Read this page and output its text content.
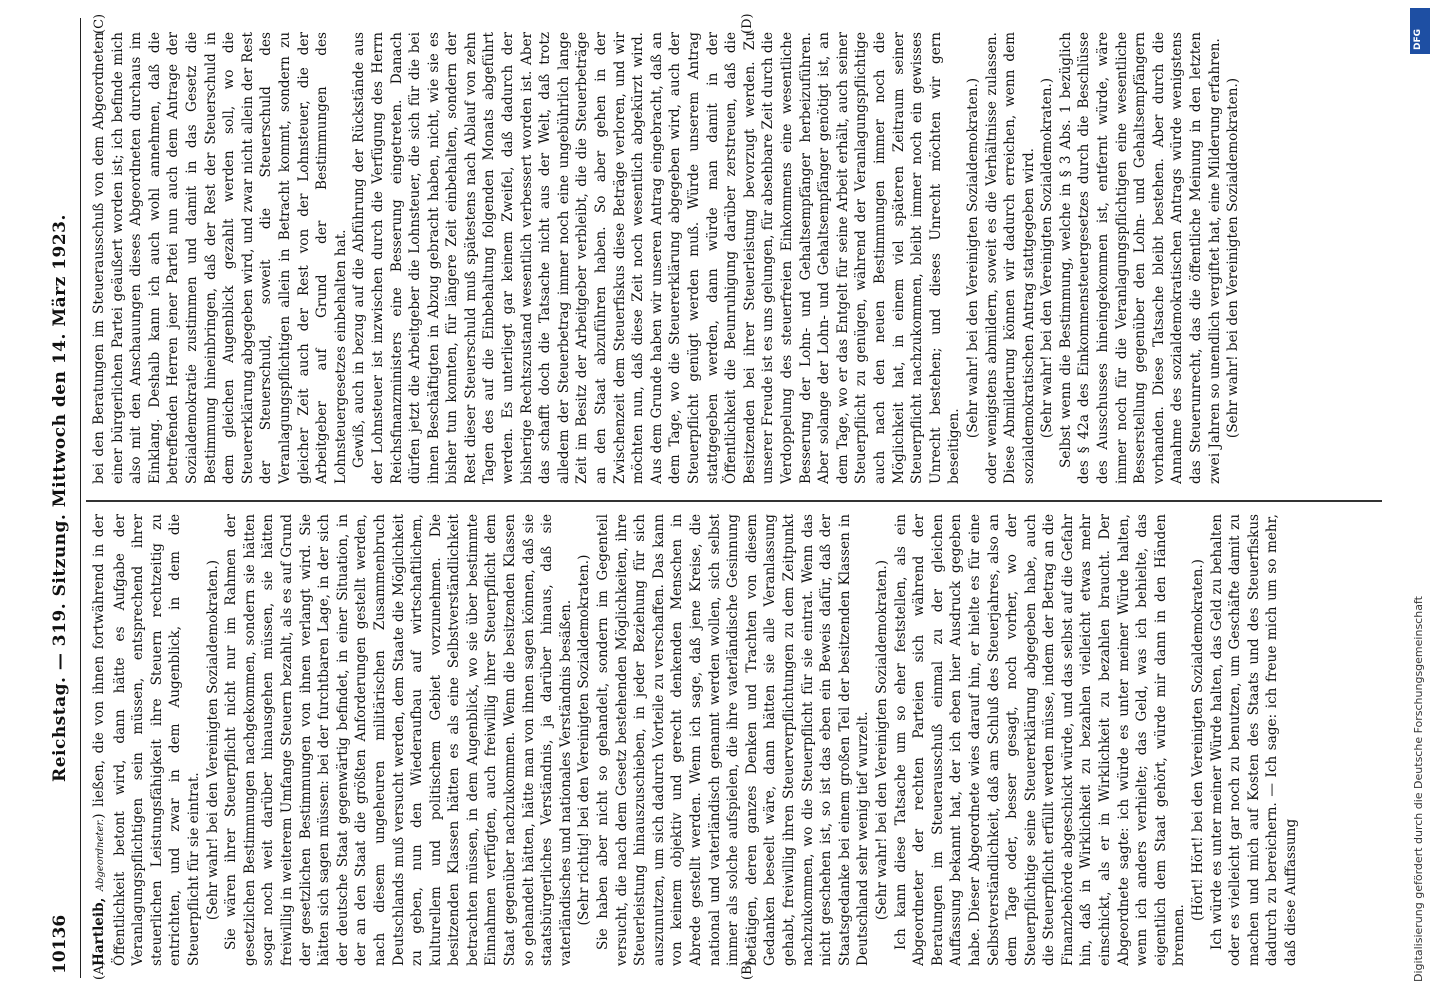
10136
Reichstag. — 319. Sitzung. Mittwoch den 14. März 1923.
(A)	(B)
(C)	(D)

Hartleib, Abgeordneter.) ließen, die von ihnen fortwährend in der Öffentlichkeit betont wird, dann hätte es Aufgabe der Veranlagungspflichtigen sein müssen, entsprechend ihrer steuerlichen Leistungsfähigkeit ihre Steuern rechtzeitig zu entrichten, und zwar in dem Augenblick, in dem die Steuerpflicht für sie eintrat. (Sehr wahr! bei den Vereinigten Sozialdemokraten.) Sie wären ihrer Steuerpflicht nicht nur im Rahmen der gesetzlichen Bestimmungen nachgekommen, sondern sie hätten sogar noch weit darüber hinausgehen müssen, sie hätten freiwillig in weiterem Umfange Steuern bezahlt, als es auf Grund der gesetzlichen Bestimmungen von ihnen verlangt wird. Sie hätten sich sagen müssen: bei der furchtbaren Lage, in der sich der deutsche Staat gegenwärtig befindet, in einer Situation, in der an den Staat die größten Anforderungen gestellt werden, nach diesem ungeheuren militärischen Zusammenbruch Deutschlands muß versucht werden, dem Staate die Möglichkeit zu geben, nun den Wiederaufbau auf wirtschaftlichem, kulturellem und politischem Gebiet vorzunehmen. Die besitzenden Klassen hätten es als eine Selbstverständlichkeit betrachten müssen, in dem Augenblick, wo sie über bestimmte Einnahmen verfügten, auch freiwillig ihrer Steuerpflicht dem Staat gegenüber nachzukommen. Wenn die besitzenden Klassen so gehandelt hätten, hätte man von ihnen sagen können, daß sie staatsbürgerliches Verständnis, ja darüber hinaus, daß sie vaterländisches und nationales Verständnis besäßen. (Sehr richtig! bei den Vereinigten Sozialdemokraten.) Sie haben aber nicht so gehandelt, sondern im Gegenteil versucht, die nach dem Gesetz bestehenden Möglichkeiten, ihre Steuerleistung hinauszuschieben, in jeder Beziehung für sich auszunutzen, um sich dadurch Vorteile zu verschaffen. Das kann von keinem objektiv und gerecht denkenden Menschen in Abrede gestellt werden. Wenn ich sage, daß jene Kreise, die national und vaterländisch genannt werden wollen, sich selbst immer als solche aufspielen, die ihre vaterländische Gesinnung betätigen, deren ganzes Denken und Trachten von diesem Gedanken beseelt wäre, dann hätten sie alle Veranlassung gehabt, freiwillig ihren Steuerverpflichtungen zu dem Zeitpunkt nachzukommen, wo die Steuerpflicht für sie eintrat. Wenn das nicht geschehen ist, so ist das eben ein Beweis dafür, daß der Staatsgedanke bei einem großen Teil der besitzenden Klassen in Deutschland sehr wenig tief wurzelt. (Sehr wahr! bei den Vereinigten Sozialdemokraten.) Ich kann diese Tatsache um so eher feststellen, als ein Abgeordneter der rechten Parteien sich während der Beratungen im Steuerausschuß einmal zu der gleichen Auffassung bekannt hat, der ich eben hier Ausdruck gegeben habe. Dieser Abgeordnete wies darauf hin, er hielte es für eine Selbstverständlichkeit, daß am Schluß des Steuerjahres, also an dem Tage oder, besser gesagt, noch vorher, wo der Steuerpflichtige seine Steuererklärung abgegeben habe, auch die Steuerpflicht erfüllt werden müsse, indem der Betrag an die Finanzbehörde abgeschickt würde, und das selbst auf die Gefahr hin, daß in Wirklichkeit zu bezahlen vielleicht etwas mehr einschickt, als er in Wirklichkeit zu bezahlen braucht. Der Abgeordnete sagte: ich würde es unter meiner Würde halten, wenn ich anders verhielte; das Geld, was ich behielte, das eigentlich dem Staat gehört, würde mir dann in den Händen brennen.

(Hört! Hört! bei den Vereinigten Sozialdemokraten.) Ich würde es unter meiner Würde halten, das Geld zu behalten oder es vielleicht gar noch zu benutzen, um Geschäfte damit zu machen und mich auf Kosten des Staats und des Steuerfiskus dadurch zu bereichern. — Ich sage: ich freue mich um so mehr, daß diese Auffassung

bei den Beratungen im Steuerausschuß von dem Abgeordneten einer bürgerlichen Partei geäußert worden ist; ich befinde mich also mit den Anschauungen dieses Abgeordneten durchaus im Einklang. Deshalb kann ich auch wohl annehmen, daß die betreffenden Herren jener Partei nun auch dem Antrage der Sozialdemokratie zustimmen und damit in das Gesetz die Bestimmung hineinbringen, daß der Rest der Steuerschuld in dem gleichen Augenblick gezahlt werden soll, wo die Steuererklärung abgegeben wird, und zwar nicht allein der Rest der Steuerschuld, soweit die Steuerschuld des Veranlagungspflichtigen allein in Betracht kommt, sondern zu gleicher Zeit auch der Rest von der Lohnsteuer, die der Arbeitgeber auf Grund der Bestimmungen des Lohnsteuergesetzes einbehalten hat. Gewiß, auch in bezug auf die Abführung der Rückstände aus der Lohnsteuer ist inzwischen durch die Verfügung des Herrn Reichsfinanzministers eine Besserung eingetreten. Danach dürfen jetzt die Arbeitgeber die Lohnsteuer, die sich für die bei ihnen Beschäftigten in Abzug gebracht haben, nicht, wie sie es bisher tun konnten, für längere Zeit einbehalten, sondern der Rest dieser Steuerschuld muß spätestens nach Ablauf von zehn Tagen des auf die Einbehaltung folgenden Monats abgeführt werden. Es unterliegt gar keinem Zweifel, daß dadurch der bisherige Rechtszustand wesentlich verbessert worden ist. Aber das schafft doch die Tatsache nicht aus der Welt, daß trotz alledem der Steuerbetrag immer noch eine ungebührlich lange Zeit im Besitz der Arbeitgeber verbleibt, die die Steuerbeträge an den Staat abzuführen haben. So aber gehen in der Zwischenzeit dem Steuerfiskus diese Beträge verloren, und wir möchten nun, daß diese Zeit noch wesentlich abgekürzt wird. Aus dem Grunde haben wir unseren Antrag eingebracht, daß an dem Tage, wo die Steuererklärung abgegeben wird, auch der Steuerpflicht genügt werden muß. Würde unserem Antrag stattgegeben werden, dann würde man damit in der Öffentlichkeit die Beunruhigung darüber zerstreuen, daß die Besitzenden bei ihrer Steuerleistung bevorzugt werden. Zu unserer Freude ist es uns gelungen, für absehbare Zeit durch die Verdoppelung des steuerfreien Einkommens eine wesentliche Besserung der Lohn- und Gehaltsempfänger herbeizuführen. Aber solange der Lohn- und Gehaltsempfänger genötigt ist, an dem Tage, wo er das Entgelt für seine Arbeit erhält, auch seiner Steuerpflicht zu genügen, während der Veranlagungspflichtige auch nach den neuen Bestimmungen immer noch die Möglichkeit hat, in einem viel späteren Zeitraum seiner Steuerpflicht nachzukommen, bleibt immer noch ein gewisses Unrecht bestehen; und dieses Unrecht möchten wir gern beseitigen.

(Sehr wahr! bei den Vereinigten Sozialdemokraten.) oder wenigstens abmildern, soweit es die Verhältnisse zulassen. Diese Abmilderung können wir dadurch erreichen, wenn dem sozialdemokratischen Antrag stattgegeben wird. (Sehr wahr! bei den Vereinigten Sozialdemokraten.) Selbst wenn die Bestimmung, welche in § 3 Abs. 1 bezüglich des § 42a des Einkommensteuergesetzes durch die Beschlüsse des Ausschusses hineingekommen ist, entfernt würde, wäre immer noch für die Veranlagungspflichtigen eine wesentliche Besserstellung gegenüber den Lohn- und Gehaltsempfängern vorhanden. Diese Tatsache bleibt bestehen. Aber durch die Annahme des sozialdemokratischen Antrags würde wenigstens das Steuerunrecht, das die öffentliche Meinung in den letzten zwei Jahren so unendlich vergiftet hat, eine Milderung erfahren. (Sehr wahr! bei den Vereinigten Sozialdemokraten.)

DFG
Digitalisierung gefördert durch die Deutsche Forschungsgemeinschaft
